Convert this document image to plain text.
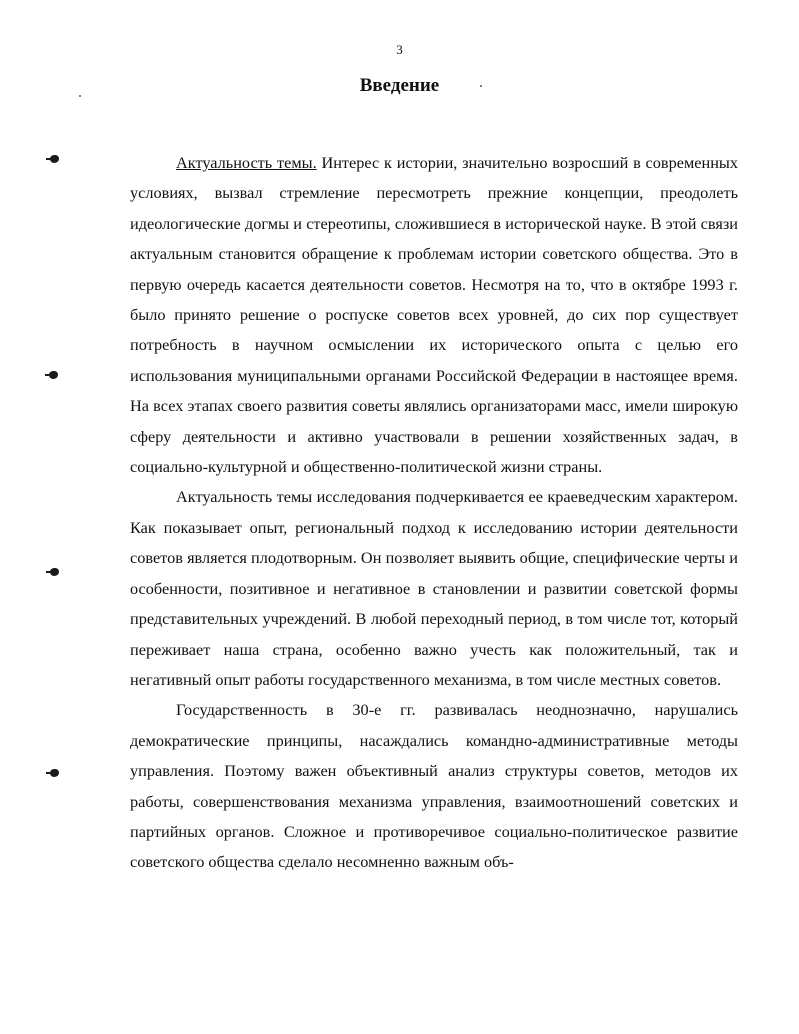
3
Введение

Актуальность темы. Интерес к истории, значительно возросший в современных условиях, вызвал стремление пересмотреть прежние концепции, преодолеть идеологические догмы и стереотипы, сложившиеся в исторической науке. В этой связи актуальным становится обращение к проблемам истории советского общества. Это в первую очередь касается деятельности советов. Несмотря на то, что в октябре 1993 г. было принято решение о роспуске советов всех уровней, до сих пор существует потребность в научном осмыслении их исторического опыта с целью его использования муниципальными органами Российской Федерации в настоящее время. На всех этапах своего развития советы являлись организаторами масс, имели широкую сферу деятельности и активно участвовали в решении хозяйственных задач, в социально-культурной и общественно-политической жизни страны.

Актуальность темы исследования подчеркивается ее краеведческим характером. Как показывает опыт, региональный подход к исследованию истории деятельности советов является плодотворным. Он позволяет выявить общие, специфические черты и особенности, позитивное и негативное в становлении и развитии советской формы представительных учреждений. В любой переходный период, в том числе тот, который переживает наша страна, особенно важно учесть как положительный, так и негативный опыт работы государственного механизма, в том числе местных советов.

Государственность в 30-е гг. развивалась неоднозначно, нарушались демократические принципы, насаждались командно-административные методы управления. Поэтому важен объективный анализ структуры советов, методов их работы, совершенствования механизма управления, взаимоотношений советских и партийных органов. Сложное и противоречивое социально-политическое развитие советского общества сделало несомненно важным объ-
